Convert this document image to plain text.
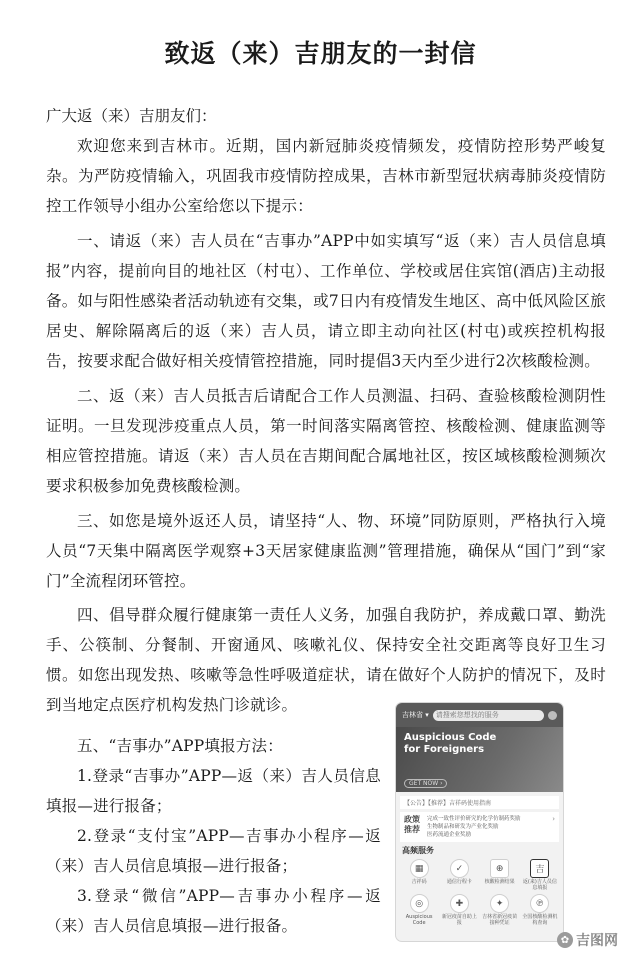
致返（来）吉朋友的一封信
广大返（来）吉朋友们：

欢迎您来到吉林市。近期，国内新冠肺炎疫情频发，疫情防控形势严峻复杂。为严防疫情输入，巩固我市疫情防控成果，吉林市新型冠状病毒肺炎疫情防控工作领导小组办公室给您以下提示：

一、请返（来）吉人员在“吉事办”APP中如实填写“返（来）吉人员信息填报”内容，提前向目的地社区（村屯）、工作单位、学校或居住宾馆(酒店)主动报备。如与阳性感染者活动轨迹有交集，或7日内有疫情发生地区、高中低风险区旅居史、解除隔离后的返（来）吉人员，请立即主动向社区(村屯)或疾控机构报告，按要求配合做好相关疫情管控措施，同时提倡3天内至少进行2次核酸检测。

二、返（来）吉人员抵吉后请配合工作人员测温、扫码、查验核酸检测阴性证明。一旦发现涉疫重点人员，第一时间落实隔离管控、核酸检测、健康监测等相应管控措施。请返（来）吉人员在吉期间配合属地社区，按区域核酸检测频次要求积极参加免费核酸检测。

三、如您是境外返还人员，请坚持“人、物、环境”同防原则，严格执行入境人员“7天集中隔离医学观察+3天居家健康监测”管理措施，确保从“国门”到“家门”全流程闭环管控。

四、倡导群众履行健康第一责任人义务，加强自我防护，养成戴口罩、勤洗手、公筷制、分餐制、开窗通风、咳嗽礼仪、保持安全社交距离等良好卫生习惯。如您出现发热、咳嗽等急性呼吸道症状，请在做好个人防护的情况下，及时到当地定点医疗机构发热门诊就诊。

五、“吉事办”APP填报方法：

1.登录“吉事办”APP—返（来）吉人员信息填报—进行报备；

2.登录“支付宝”APP—吉事办小程序—返（来）吉人员信息填报—进行报备；

3.登录“微信”APP—吉事办小程序—返（来）吉人员信息填报—进行报备。

吉林省 ▾ 请搜索您想找的服务
Auspicious Code
for Foreigners
GET NOW ›
【公告】【推荐】吉祥码使用指南
政策推荐
完成一致性评价研究的化学仿制药奖励
生物制品和研发为产业化奖励
医药流通企业奖励
›
高频服务
▦
吉祥码
✓
通信行程卡
⊕
核酸检测结果
吉
返(来)吉人员信息填报
◎
Auspicious Code
✚
新冠疫苗自助上报
✦
吉林省新冠疫苗接种凭证
℗
全国核酸检测机构查询
✿ 吉图网
